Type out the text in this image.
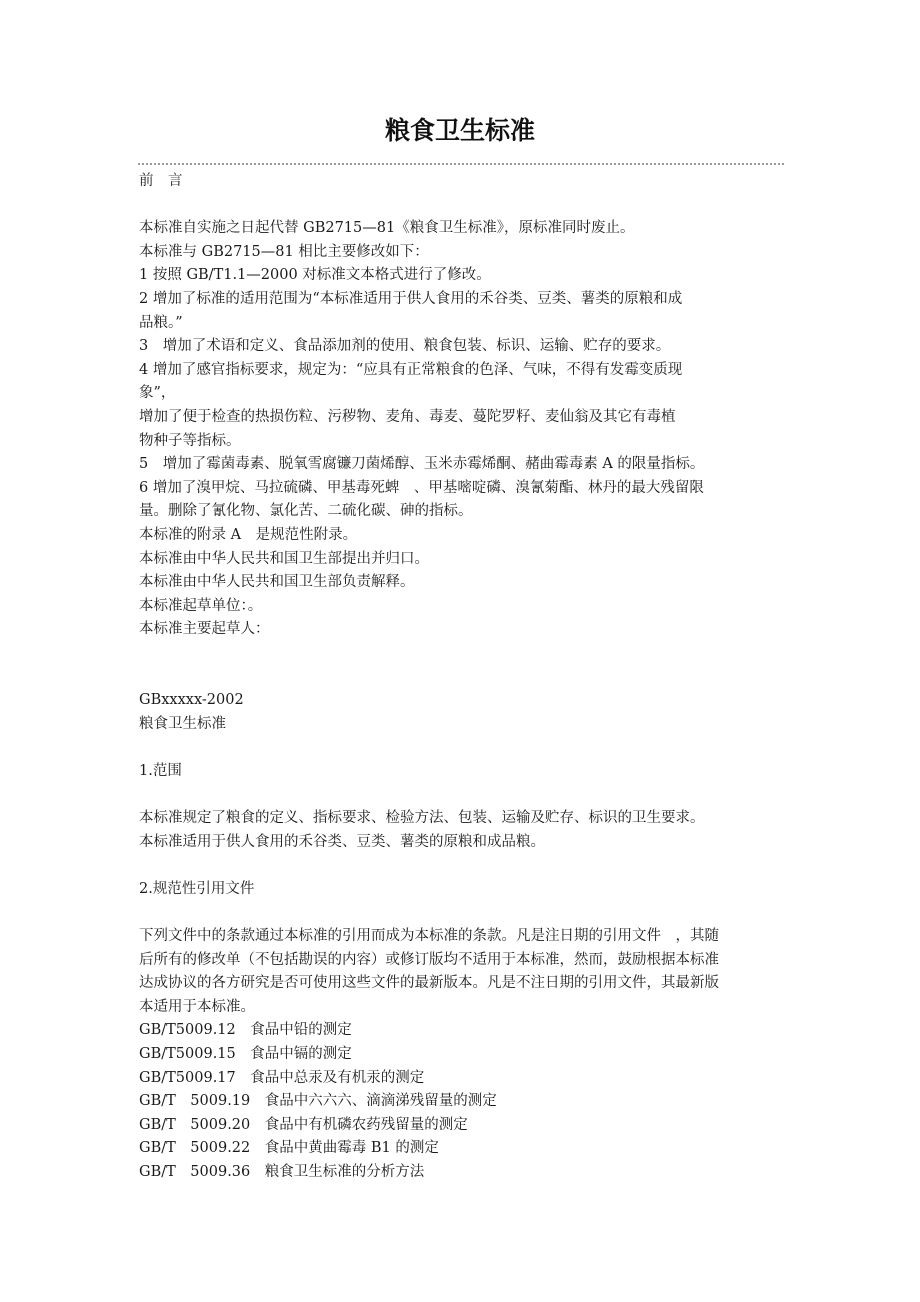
粮食卫生标准
前　言
本标准自实施之日起代替 GB2715—81《粮食卫生标准》，原标准同时废止。
本标准与 GB2715—81 相比主要修改如下：
1 按照 GB/T1.1—2000 对标准文本格式进行了修改。
2 增加了标准的适用范围为“本标准适用于供人食用的禾谷类、豆类、薯类的原粮和成
品粮。”
3　增加了术语和定义、食品添加剂的使用、粮食包装、标识、运输、贮存的要求。
4 增加了感官指标要求，规定为：“应具有正常粮食的色泽、气味，不得有发霉变质现
象”，
增加了便于检查的热损伤粒、污秽物、麦角、毒麦、蔓陀罗籽、麦仙翁及其它有毒植
物种子等指标。
5　增加了霉菌毒素、脱氧雪腐镰刀菌烯醇、玉米赤霉烯酮、赭曲霉毒素 A 的限量指标。
6 增加了溴甲烷、马拉硫磷、甲基毒死蜱　、甲基嘧啶磷、溴氰菊酯、林丹的最大残留限
量。删除了氰化物、氯化苦、二硫化碳、砷的指标。
本标准的附录 A　是规范性附录。
本标准由中华人民共和国卫生部提出并归口。
本标准由中华人民共和国卫生部负责解释。
本标准起草单位：。
本标准主要起草人：
GBxxxxx-2002
粮食卫生标准
1.范围
本标准规定了粮食的定义、指标要求、检验方法、包装、运输及贮存、标识的卫生要求。
本标准适用于供人食用的禾谷类、豆类、薯类的原粮和成品粮。
2.规范性引用文件
下列文件中的条款通过本标准的引用而成为本标准的条款。凡是注日期的引用文件　，其随
后所有的修改单（不包括勘误的内容）或修订版均不适用于本标准，然而，鼓励根据本标准
达成协议的各方研究是否可使用这些文件的最新版本。凡是不注日期的引用文件，其最新版
本适用于本标准。
GB/T5009.12　食品中铅的测定
GB/T5009.15　食品中镉的测定
GB/T5009.17　食品中总汞及有机汞的测定
GB/T　5009.19　食品中六六六、滴滴涕残留量的测定
GB/T　5009.20　食品中有机磷农药残留量的测定
GB/T　5009.22　食品中黄曲霉毒 B1 的测定
GB/T　5009.36　粮食卫生标准的分析方法
